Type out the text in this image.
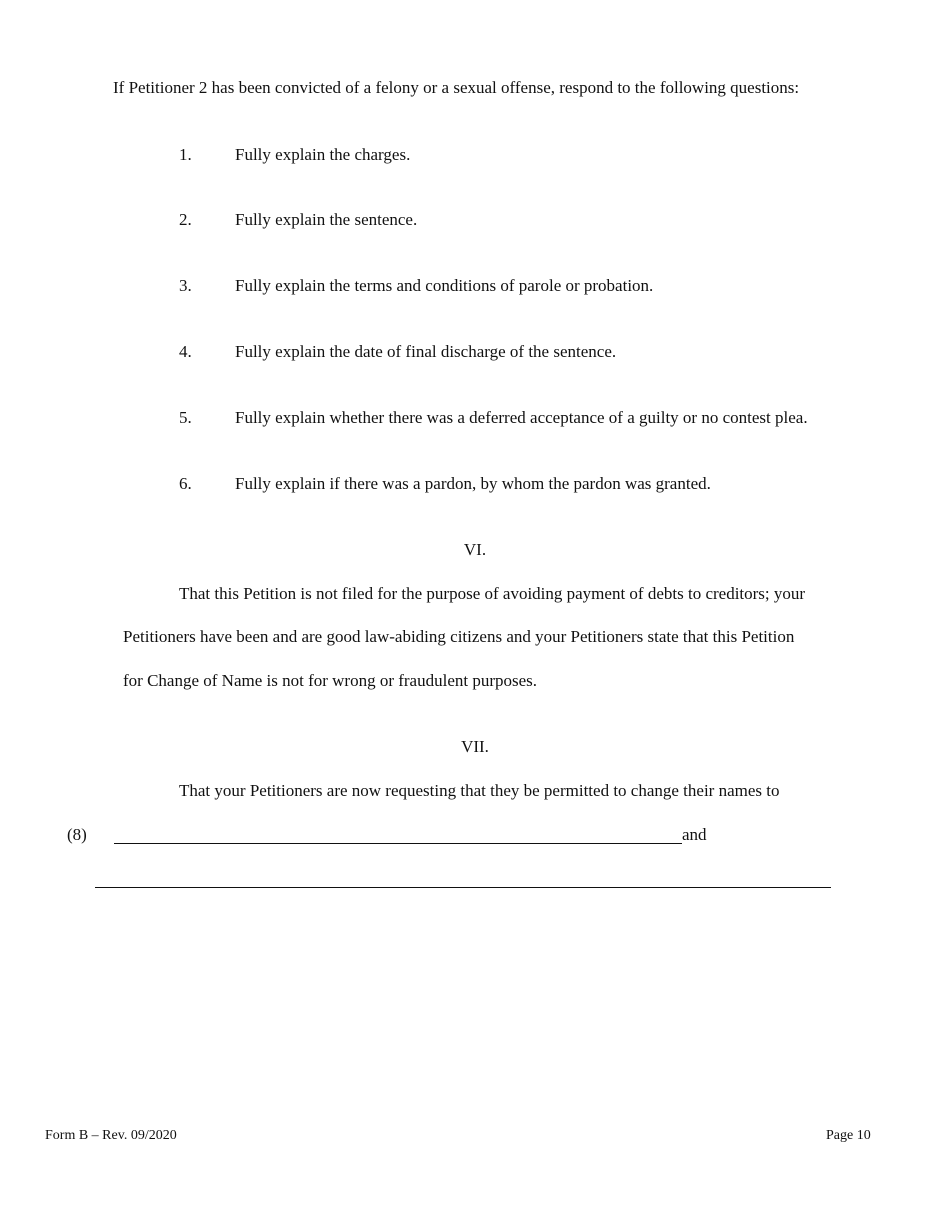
If Petitioner 2 has been convicted of a felony or a sexual offense, respond to the following questions:
1.	Fully explain the charges.
2.	Fully explain the sentence.
3.	Fully explain the terms and conditions of parole or probation.
4.	Fully explain the date of final discharge of the sentence.
5.	Fully explain whether there was a deferred acceptance of a guilty or no contest plea.
6.	Fully explain if there was a pardon, by whom the pardon was granted.
VI.
That this Petition is not filed for the purpose of avoiding payment of debts to creditors; your
Petitioners have been and are good law-abiding citizens and your Petitioners state that this Petition
for Change of Name is not for wrong or fraudulent purposes.
VII.
That your Petitioners are now requesting that they be permitted to change their names to
(8)	and
Form B – Rev. 09/2020	Page 10
